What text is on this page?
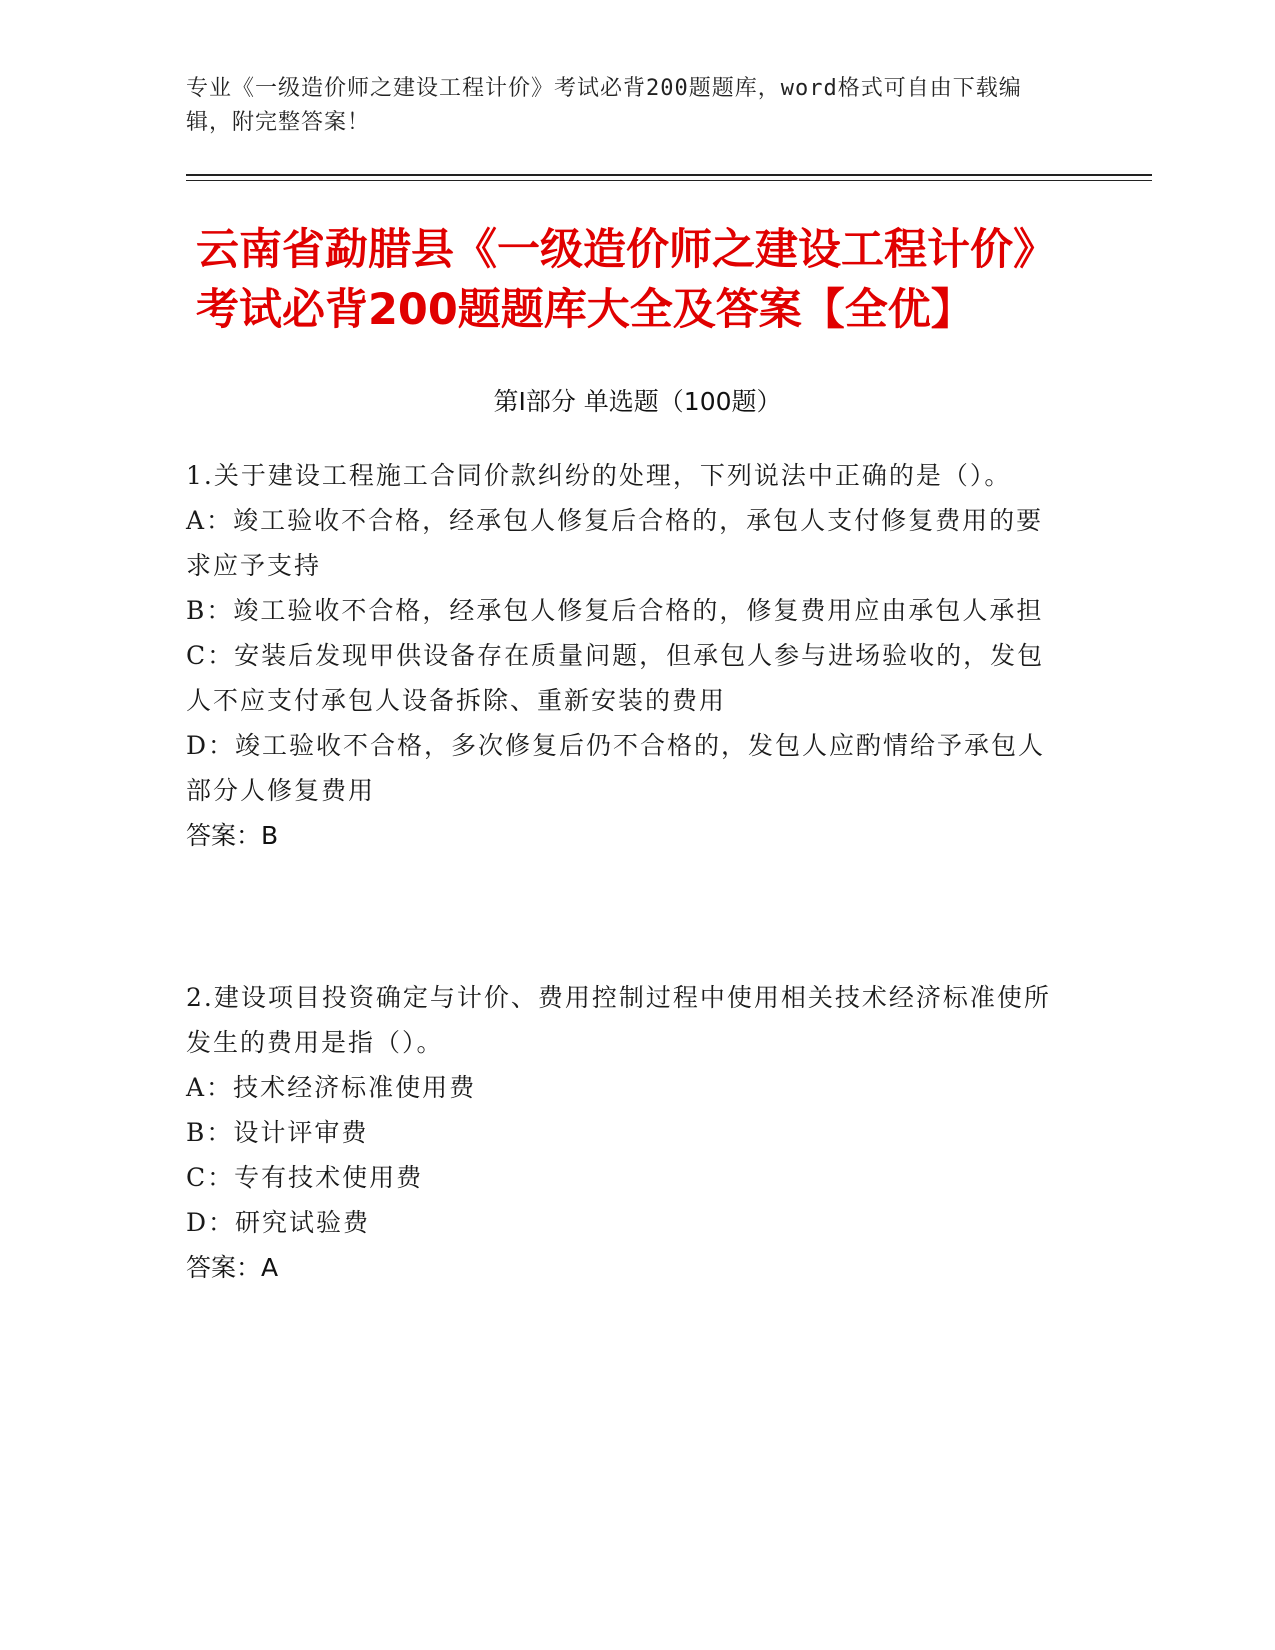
专业《一级造价师之建设工程计价》考试必背200题题库，word格式可自由下载编辑，附完整答案！
云南省勐腊县《一级造价师之建设工程计价》考试必背200题题库大全及答案【全优】
第Ⅰ部分 单选题（100题）

1.关于建设工程施工合同价款纠纷的处理，下列说法中正确的是（）。

A：竣工验收不合格，经承包人修复后合格的，承包人支付修复费用的要求应予支持

B：竣工验收不合格，经承包人修复后合格的，修复费用应由承包人承担

C：安装后发现甲供设备存在质量问题，但承包人参与进场验收的，发包人不应支付承包人设备拆除、重新安装的费用

D：竣工验收不合格，多次修复后仍不合格的，发包人应酌情给予承包人部分人修复费用

答案：B

2.建设项目投资确定与计价、费用控制过程中使用相关技术经济标准使所发生的费用是指（）。

A：技术经济标准使用费

B：设计评审费

C：专有技术使用费

D：研究试验费

答案：A
